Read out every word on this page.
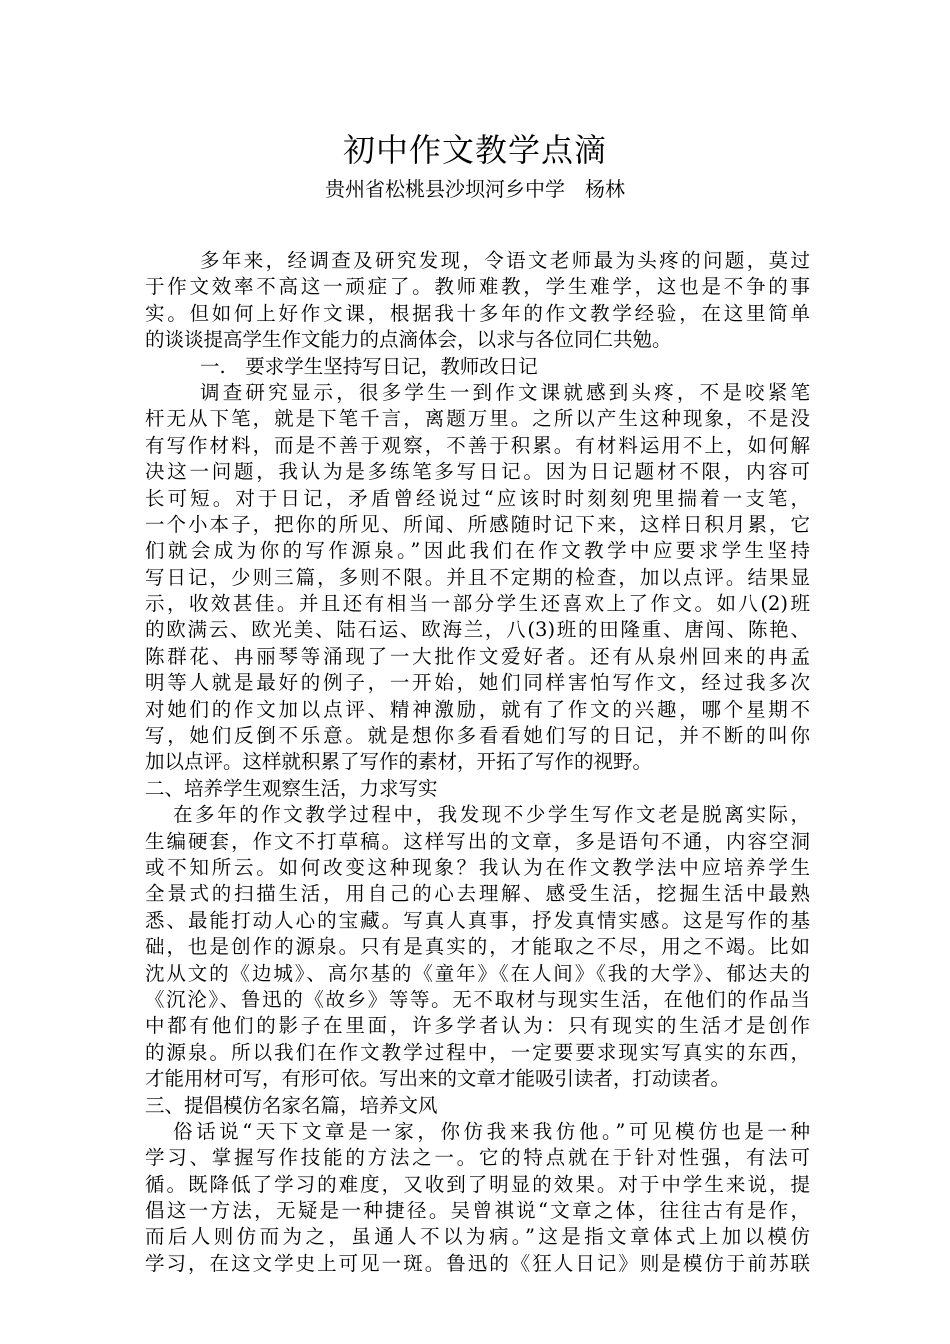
初中作文教学点滴
贵州省松桃县沙坝河乡中学　杨林
多年来，经调查及研究发现，令语文老师最为头疼的问题，莫过
于作文效率不高这一顽症了。教师难教，学生难学，这也是不争的事
实。但如何上好作文课，根据我十多年的作文教学经验，在这里简单
的谈谈提高学生作文能力的点滴体会，以求与各位同仁共勉。
一.　要求学生坚持写日记，教师改日记
调查研究显示，很多学生一到作文课就感到头疼，不是咬紧笔
杆无从下笔，就是下笔千言，离题万里。之所以产生这种现象，不是没
有写作材料，而是不善于观察，不善于积累。有材料运用不上，如何解
决这一问题，我认为是多练笔多写日记。因为日记题材不限，内容可
长可短。对于日记，矛盾曾经说过“应该时时刻刻兜里揣着一支笔，
一个小本子，把你的所见、所闻、所感随时记下来，这样日积月累，它
们就会成为你的写作源泉。”因此我们在作文教学中应要求学生坚持
写日记，少则三篇，多则不限。并且不定期的检查，加以点评。结果显
示，收效甚佳。并且还有相当一部分学生还喜欢上了作文。如八(2)班
的欧满云、欧光美、陆石运、欧海兰，八(3)班的田隆重、唐闯、陈艳、
陈群花、冉丽琴等涌现了一大批作文爱好者。还有从泉州回来的冉孟
明等人就是最好的例子，一开始，她们同样害怕写作文，经过我多次
对她们的作文加以点评、精神激励，就有了作文的兴趣，哪个星期不
写，她们反倒不乐意。就是想你多看看她们写的日记，并不断的叫你
加以点评。这样就积累了写作的素材，开拓了写作的视野。
二、培养学生观察生活，力求写实
在多年的作文教学过程中，我发现不少学生写作文老是脱离实际，
生编硬套，作文不打草稿。这样写出的文章，多是语句不通，内容空洞
或不知所云。如何改变这种现象？我认为在作文教学法中应培养学生
全景式的扫描生活，用自己的心去理解、感受生活，挖掘生活中最熟
悉、最能打动人心的宝藏。写真人真事，抒发真情实感。这是写作的基
础，也是创作的源泉。只有是真实的，才能取之不尽，用之不竭。比如
沈从文的《边城》、高尔基的《童年》《在人间》《我的大学》、郁达夫的
《沉沦》、鲁迅的《故乡》等等。无不取材与现实生活，在他们的作品当
中都有他们的影子在里面，许多学者认为：只有现实的生活才是创作
的源泉。所以我们在作文教学过程中，一定要要求现实写真实的东西，
才能用材可写，有形可依。写出来的文章才能吸引读者，打动读者。
三、提倡模仿名家名篇，培养文风
俗话说“天下文章是一家，你仿我来我仿他。”可见模仿也是一种
学习、掌握写作技能的方法之一。它的特点就在于针对性强，有法可
循。既降低了学习的难度，又收到了明显的效果。对于中学生来说，提
倡这一方法，无疑是一种捷径。吴曾祺说“文章之体，往往古有是作，
而后人则仿而为之，虽通人不以为病。”这是指文章体式上加以模仿
学习，在这文学史上可见一斑。鲁迅的《狂人日记》则是模仿于前苏联
